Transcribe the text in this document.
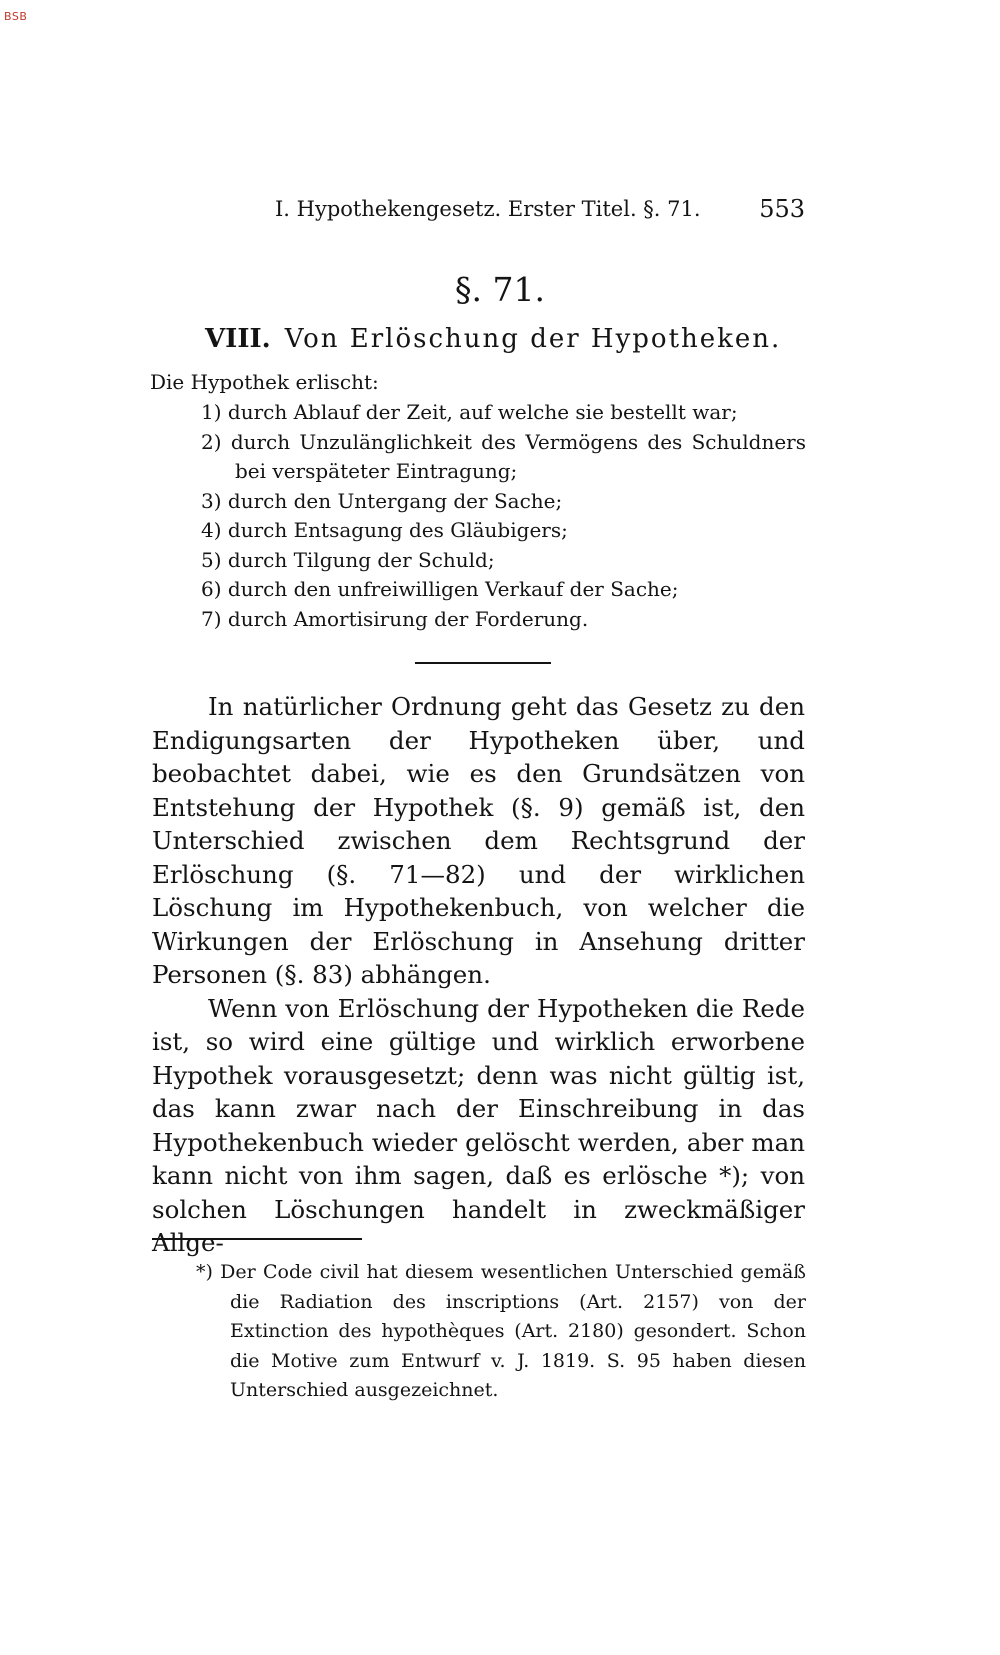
BSB
I. Hypothekengesetz. Erster Titel. §. 71. 553
§. 71.
VIII. Von Erlöschung der Hypotheken.
Die Hypothek erlischt:
1) durch Ablauf der Zeit, auf welche sie bestellt war;
2) durch Unzulänglichkeit des Vermögens des Schuldners bei verspäteter Eintragung;
3) durch den Untergang der Sache;
4) durch Entsagung des Gläubigers;
5) durch Tilgung der Schuld;
6) durch den unfreiwilligen Verkauf der Sache;
7) durch Amortisirung der Forderung.

In natürlicher Ordnung geht das Gesetz zu den Endigungsarten der Hypotheken über, und beobachtet dabei, wie es den Grundsätzen von Entstehung der Hypothek (§. 9) gemäß ist, den Unterschied zwischen dem Rechtsgrund der Erlöschung (§. 71—82) und der wirklichen Löschung im Hypothekenbuch, von welcher die Wirkungen der Erlöschung in Ansehung dritter Personen (§. 83) abhängen.

Wenn von Erlöschung der Hypotheken die Rede ist, so wird eine gültige und wirklich erworbene Hypothek vorausgesetzt; denn was nicht gültig ist, das kann zwar nach der Einschreibung in das Hypothekenbuch wieder gelöscht werden, aber man kann nicht von ihm sagen, daß es erlösche *); von solchen Löschungen handelt in zweckmäßiger Allge-

*) Der Code civil hat diesem wesentlichen Unterschied gemäß die Radiation des inscriptions (Art. 2157) von der Extinction des hypothèques (Art. 2180) gesondert. Schon die Motive zum Entwurf v. J. 1819. S. 95 haben diesen Unterschied ausgezeichnet.
